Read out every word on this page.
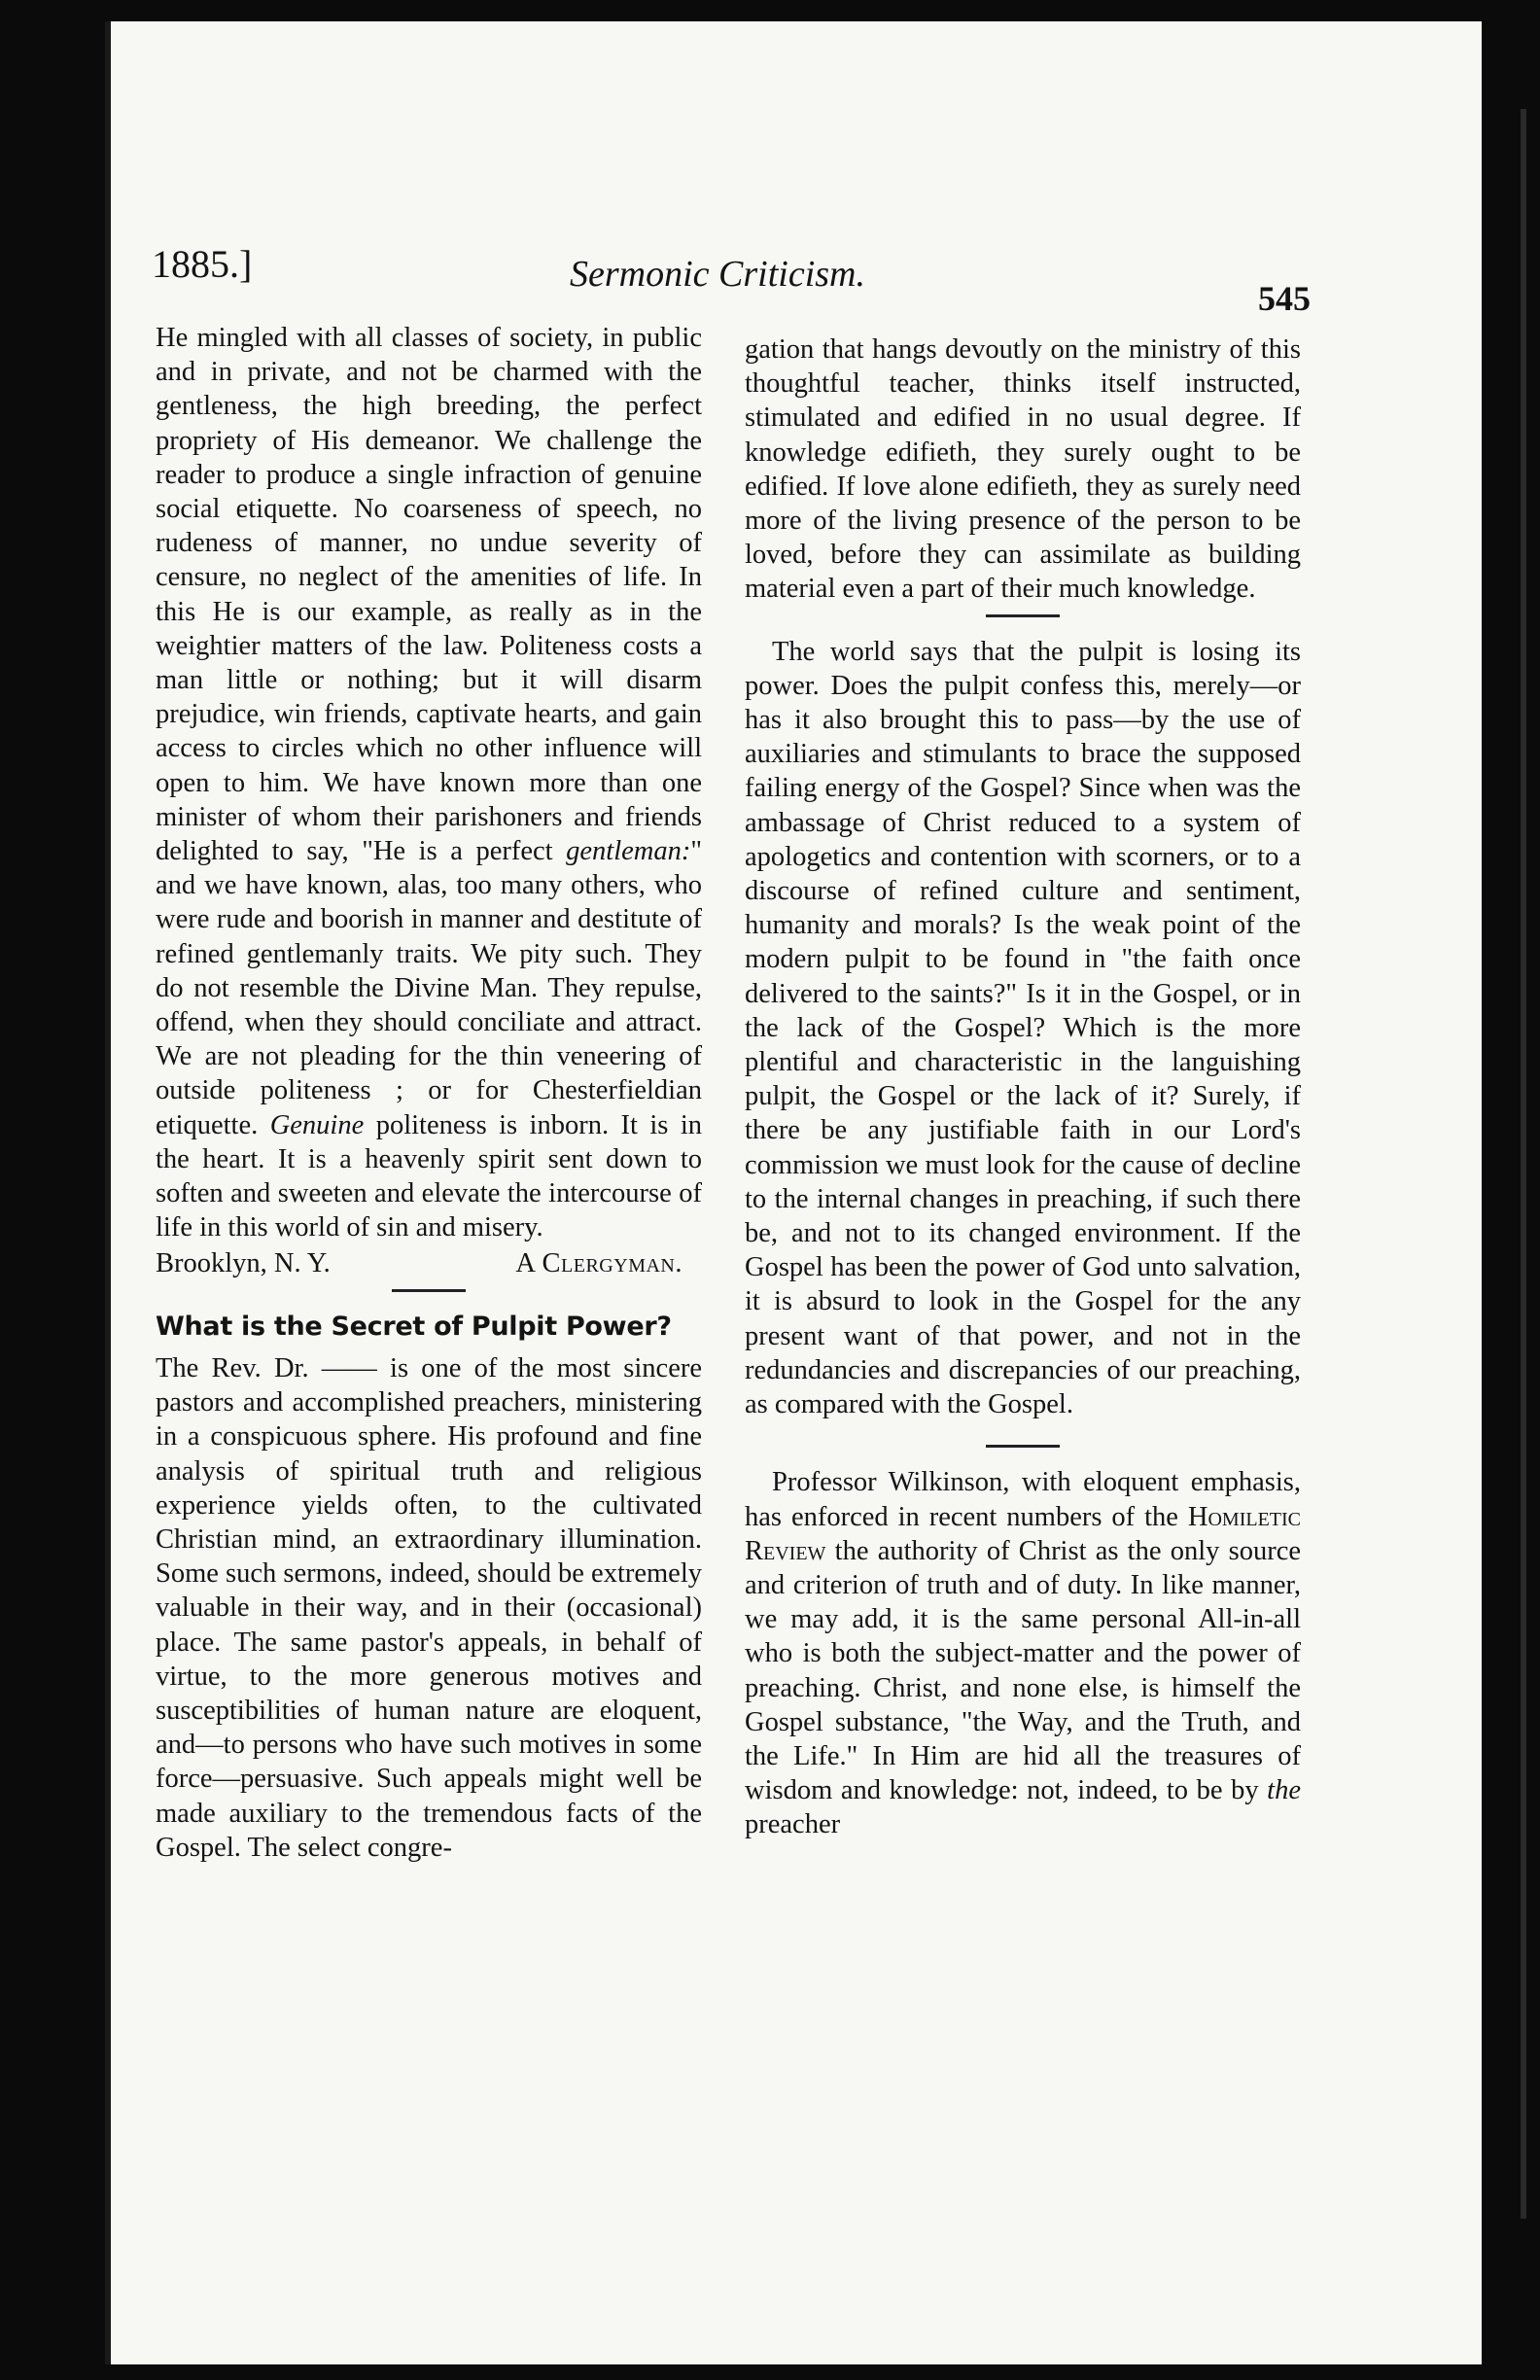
1885.]	Sermonic Criticism.
545

He mingled with all classes of society, in public and in private, and not be charmed with the gentleness, the high breeding, the perfect propriety of His demeanor. We challenge the reader to produce a single infraction of genuine social etiquette. No coarseness of speech, no rudeness of manner, no undue severity of censure, no neglect of the amenities of life. In this He is our example, as really as in the weightier matters of the law. Politeness costs a man little or nothing; but it will disarm prejudice, win friends, captivate hearts, and gain access to circles which no other influence will open to him. We have known more than one minister of whom their parishoners and friends delighted to say, "He is a perfect gentleman:" and we have known, alas, too many others, who were rude and boorish in manner and destitute of refined gentlemanly traits. We pity such. They do not resemble the Divine Man. They repulse, offend, when they should conciliate and attract. We are not pleading for the thin veneering of outside politeness ; or for Chesterfieldian etiquette. Genuine politeness is inborn. It is in the heart. It is a heavenly spirit sent down to soften and sweeten and elevate the intercourse of life in this world of sin and misery.

Brooklyn, N. Y.	A Clergyman.
What is the Secret of Pulpit Power?

The Rev. Dr. —— is one of the most sincere pastors and accomplished preachers, ministering in a conspicuous sphere. His profound and fine analysis of spiritual truth and religious experience yields often, to the cultivated Christian mind, an extraordinary illumination. Some such sermons, indeed, should be extremely valuable in their way, and in their (occasional) place. The same pastor's appeals, in behalf of virtue, to the more generous motives and susceptibilities of human nature are eloquent, and—to persons who have such motives in some force—persuasive. Such appeals might well be made auxiliary to the tremendous facts of the Gospel. The select congre-

gation that hangs devoutly on the ministry of this thoughtful teacher, thinks itself instructed, stimulated and edified in no usual degree. If knowledge edifieth, they surely ought to be edified. If love alone edifieth, they as surely need more of the living presence of the person to be loved, before they can assimilate as building material even a part of their much knowledge.

The world says that the pulpit is losing its power. Does the pulpit confess this, merely—or has it also brought this to pass—by the use of auxiliaries and stimulants to brace the supposed failing energy of the Gospel? Since when was the ambassage of Christ reduced to a system of apologetics and contention with scorners, or to a discourse of refined culture and sentiment, humanity and morals? Is the weak point of the modern pulpit to be found in "the faith once delivered to the saints?" Is it in the Gospel, or in the lack of the Gospel? Which is the more plentiful and characteristic in the languishing pulpit, the Gospel or the lack of it? Surely, if there be any justifiable faith in our Lord's commission we must look for the cause of decline to the internal changes in preaching, if such there be, and not to its changed environment. If the Gospel has been the power of God unto salvation, it is absurd to look in the Gospel for the any present want of that power, and not in the redundancies and discrepancies of our preaching, as compared with the Gospel.

Professor Wilkinson, with eloquent emphasis, has enforced in recent numbers of the Homiletic Review the authority of Christ as the only source and criterion of truth and of duty. In like manner, we may add, it is the same personal All-in-all who is both the subject-matter and the power of preaching. Christ, and none else, is himself the Gospel substance, "the Way, and the Truth, and the Life." In Him are hid all the treasures of wisdom and knowledge: not, indeed, to be by the preacher
